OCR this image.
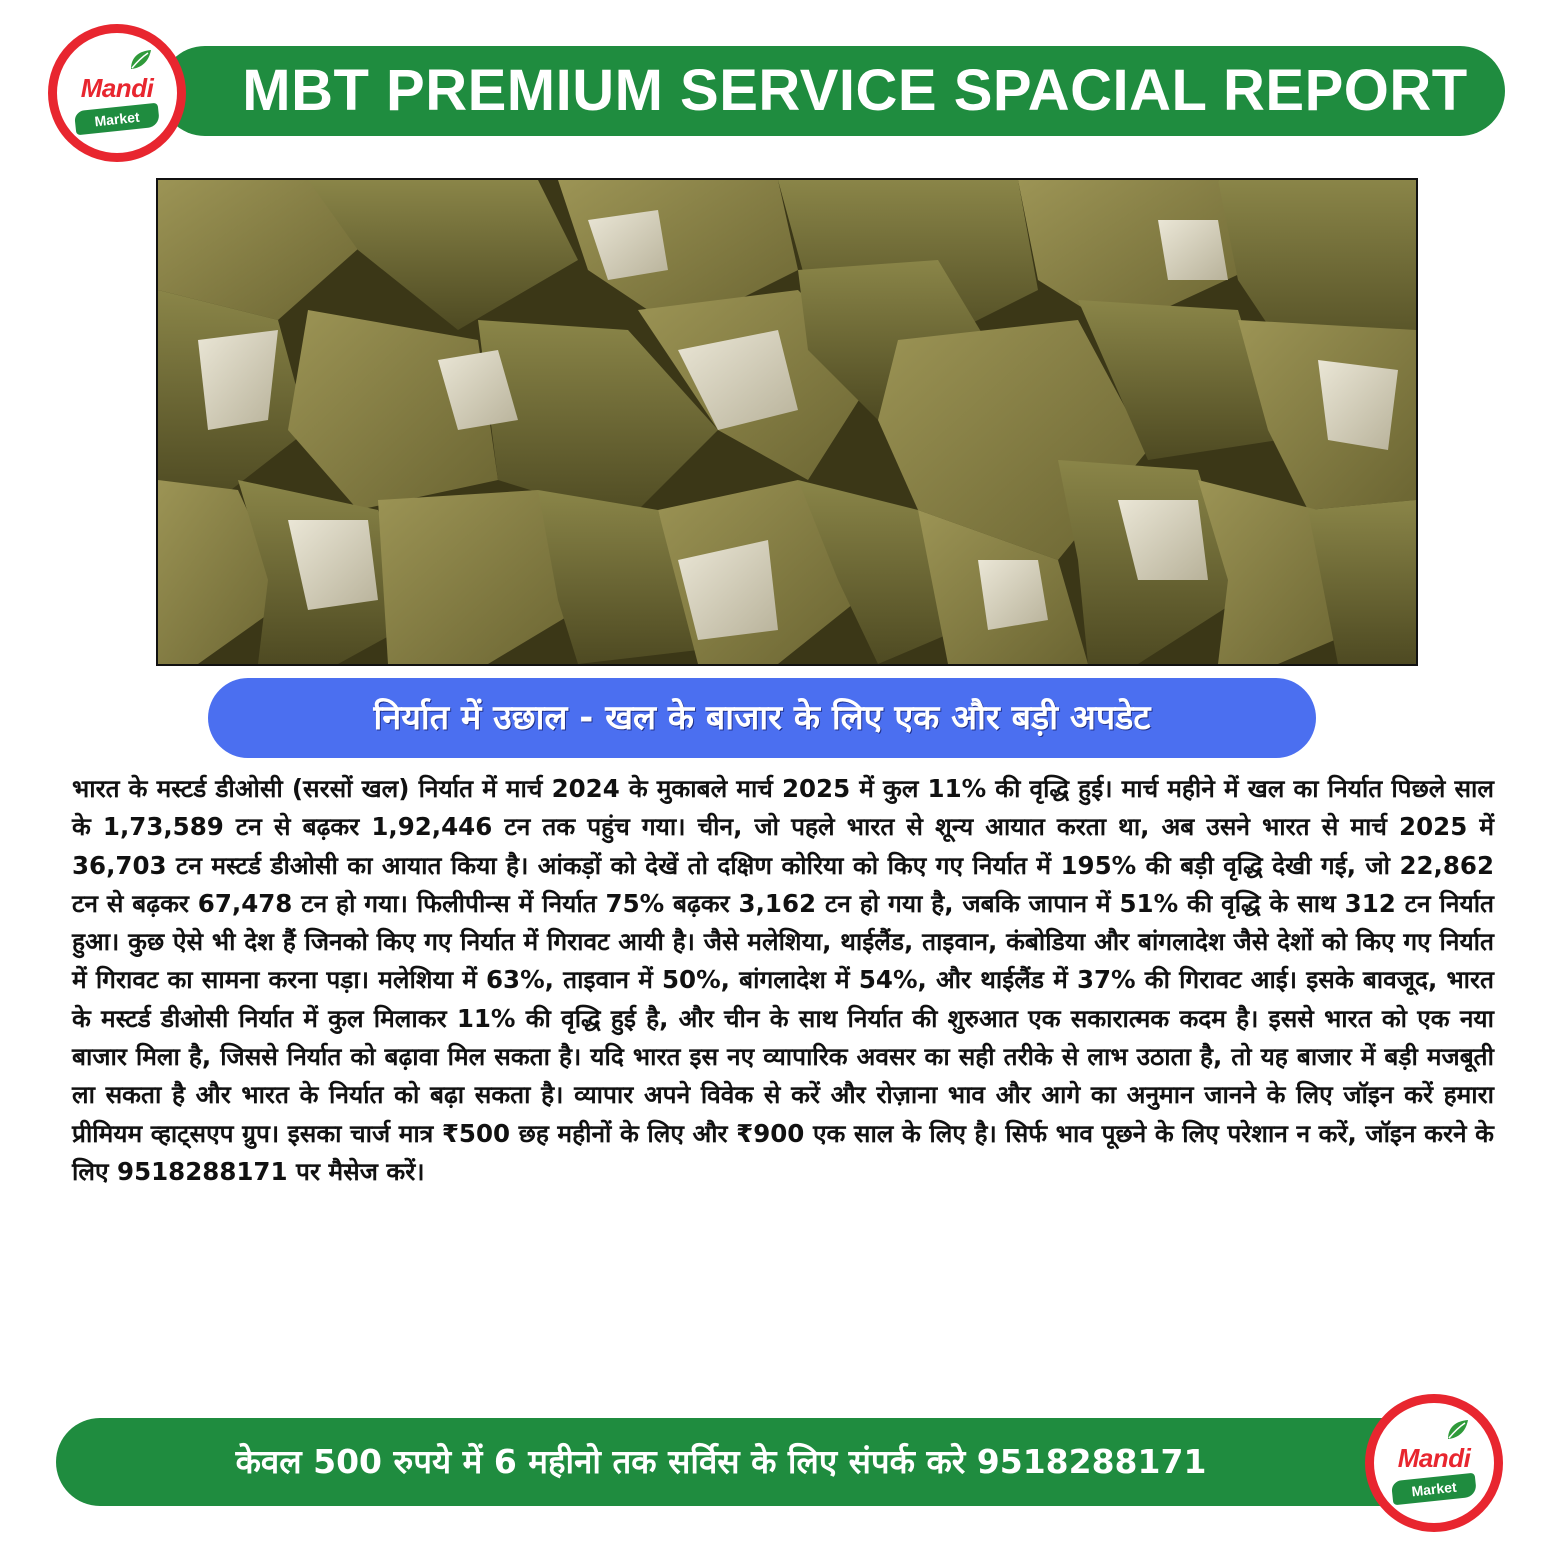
MBT PREMIUM SERVICE SPACIAL REPORT
Mandi
Market
निर्यात में उछाल - खल के बाजार के लिए एक और बड़ी अपडेट

भारत के मस्टर्ड डीओसी (सरसों खल) निर्यात में मार्च 2024 के मुकाबले मार्च 2025 में कुल 11% की वृद्धि हुई। मार्च महीने में खल का निर्यात पिछले साल के 1,73,589 टन से बढ़कर 1,92,446 टन तक पहुंच गया। चीन, जो पहले भारत से शून्य आयात करता था, अब उसने भारत से मार्च 2025 में 36,703 टन मस्टर्ड डीओसी का आयात किया है। आंकड़ों को देखें तो दक्षिण कोरिया को किए गए निर्यात में 195% की बड़ी वृद्धि देखी गई, जो 22,862 टन से बढ़कर 67,478 टन हो गया। फिलीपीन्स में निर्यात 75% बढ़कर 3,162 टन हो गया है, जबकि जापान में 51% की वृद्धि के साथ 312 टन निर्यात हुआ। कुछ ऐसे भी देश हैं जिनको किए गए निर्यात में गिरावट आयी है। जैसे मलेशिया, थाईलैंड, ताइवान, कंबोडिया और बांगलादेश जैसे देशों को किए गए निर्यात में गिरावट का सामना करना पड़ा। मलेशिया में 63%, ताइवान में 50%, बांगलादेश में 54%, और थाईलैंड में 37% की गिरावट आई। इसके बावजूद, भारत के मस्टर्ड डीओसी निर्यात में कुल मिलाकर 11% की वृद्धि हुई है, और चीन के साथ निर्यात की शुरुआत एक सकारात्मक कदम है। इससे भारत को एक नया बाजार मिला है, जिससे निर्यात को बढ़ावा मिल सकता है। यदि भारत इस नए व्यापारिक अवसर का सही तरीके से लाभ उठाता है, तो यह बाजार में बड़ी मजबूती ला सकता है और भारत के निर्यात को बढ़ा सकता है। व्यापार अपने विवेक से करें और रोज़ाना भाव और आगे का अनुमान जानने के लिए जॉइन करें हमारा प्रीमियम व्हाट्सएप ग्रुप। इसका चार्ज मात्र ₹500 छह महीनों के लिए और ₹900 एक साल के लिए है। सिर्फ भाव पूछने के लिए परेशान न करें, जॉइन करने के लिए 9518288171 पर मैसेज करें।

केवल 500 रुपये में 6 महीनो तक सर्विस के लिए संपर्क करे 9518288171	Mandi
Market
